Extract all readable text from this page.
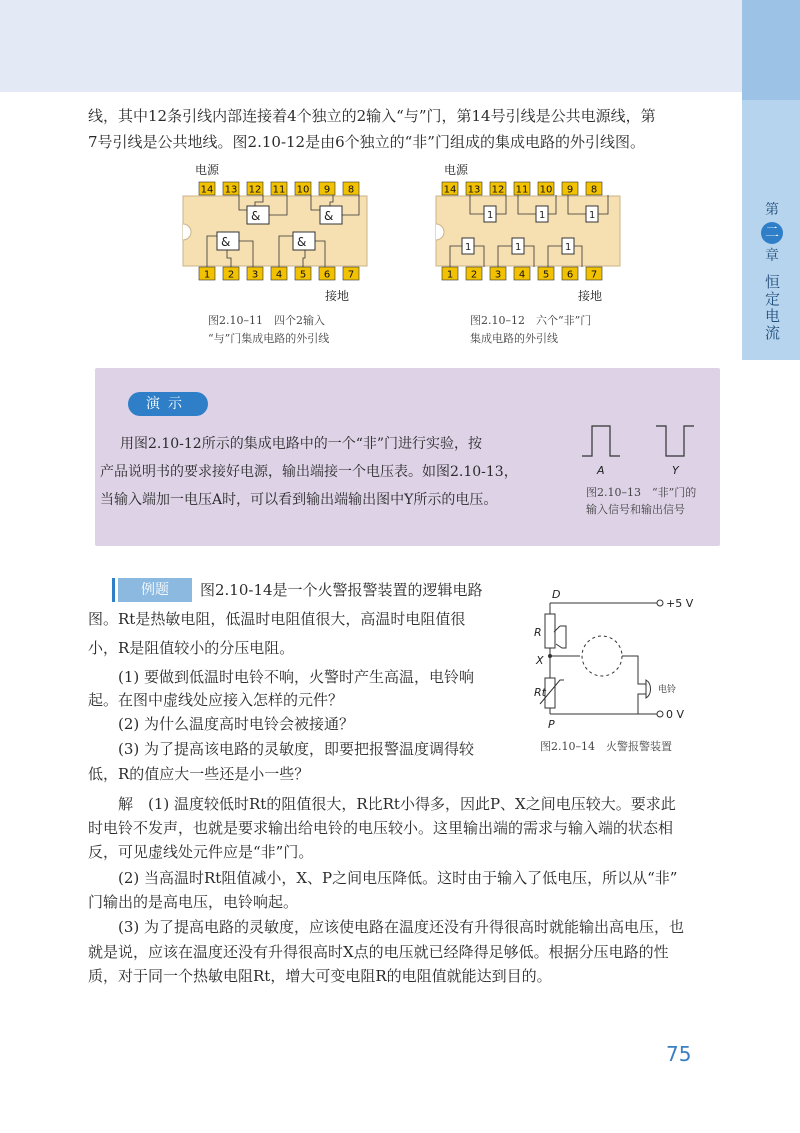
第
二
章
恒定电流
线，其中12条引线内部连接着4个独立的2输入“与”门，第14号引线是公共电源线，第
7号引线是公共地线。图2.10-12是由6个独立的“非”门组成的集成电路的外引线图。
电源
14 13 12 11 10 9 8
1 2 3 4 5 6 7
&	&
&	&
接地
图2.10–11　四个2输入
“与”门集成电路的外引线
电源
14 13 12 11 10 9 8
1 2 3 4 5 6 7
1	1	1
1	1	1
接地
图2.10–12　六个“非”门
集成电路的外引线
演示
用图2.10-12所示的集成电路中的一个“非”门进行实验，按
产品说明书的要求接好电源，输出端接一个电压表。如图2.10-13，
当输入端加一电压A时，可以看到输出端输出图中Y所示的电压。
A	Y
图2.10–13　“非”门的
输入信号和输出信号
例题	图2.10-14是一个火警报警装置的逻辑电路
图。Rt是热敏电阻，低温时电阻值很大，高温时电阻值很
小，R是阻值较小的分压电阻。
(1) 要做到低温时电铃不响，火警时产生高温，电铃响
起。在图中虚线处应接入怎样的元件？
(2) 为什么温度高时电铃会被接通？
(3) 为了提高该电路的灵敏度，即要把报警温度调得较
低，R的值应大一些还是小一些？
D
+5 V
R
X
Rt	电铃
P
0 V
图2.10–14　火警报警装置
解　(1) 温度较低时Rt的阻值很大，R比Rt小得多，因此P、X之间电压较大。要求此
时电铃不发声，也就是要求输出给电铃的电压较小。这里输出端的需求与输入端的状态相
反，可见虚线处元件应是“非”门。
(2) 当高温时Rt阻值减小，X、P之间电压降低。这时由于输入了低电压，所以从“非”
门输出的是高电压，电铃响起。
(3) 为了提高电路的灵敏度，应该使电路在温度还没有升得很高时就能输出高电压，也
就是说，应该在温度还没有升得很高时X点的电压就已经降得足够低。根据分压电路的性
质，对于同一个热敏电阻Rt，增大可变电阻R的电阻值就能达到目的。
75
